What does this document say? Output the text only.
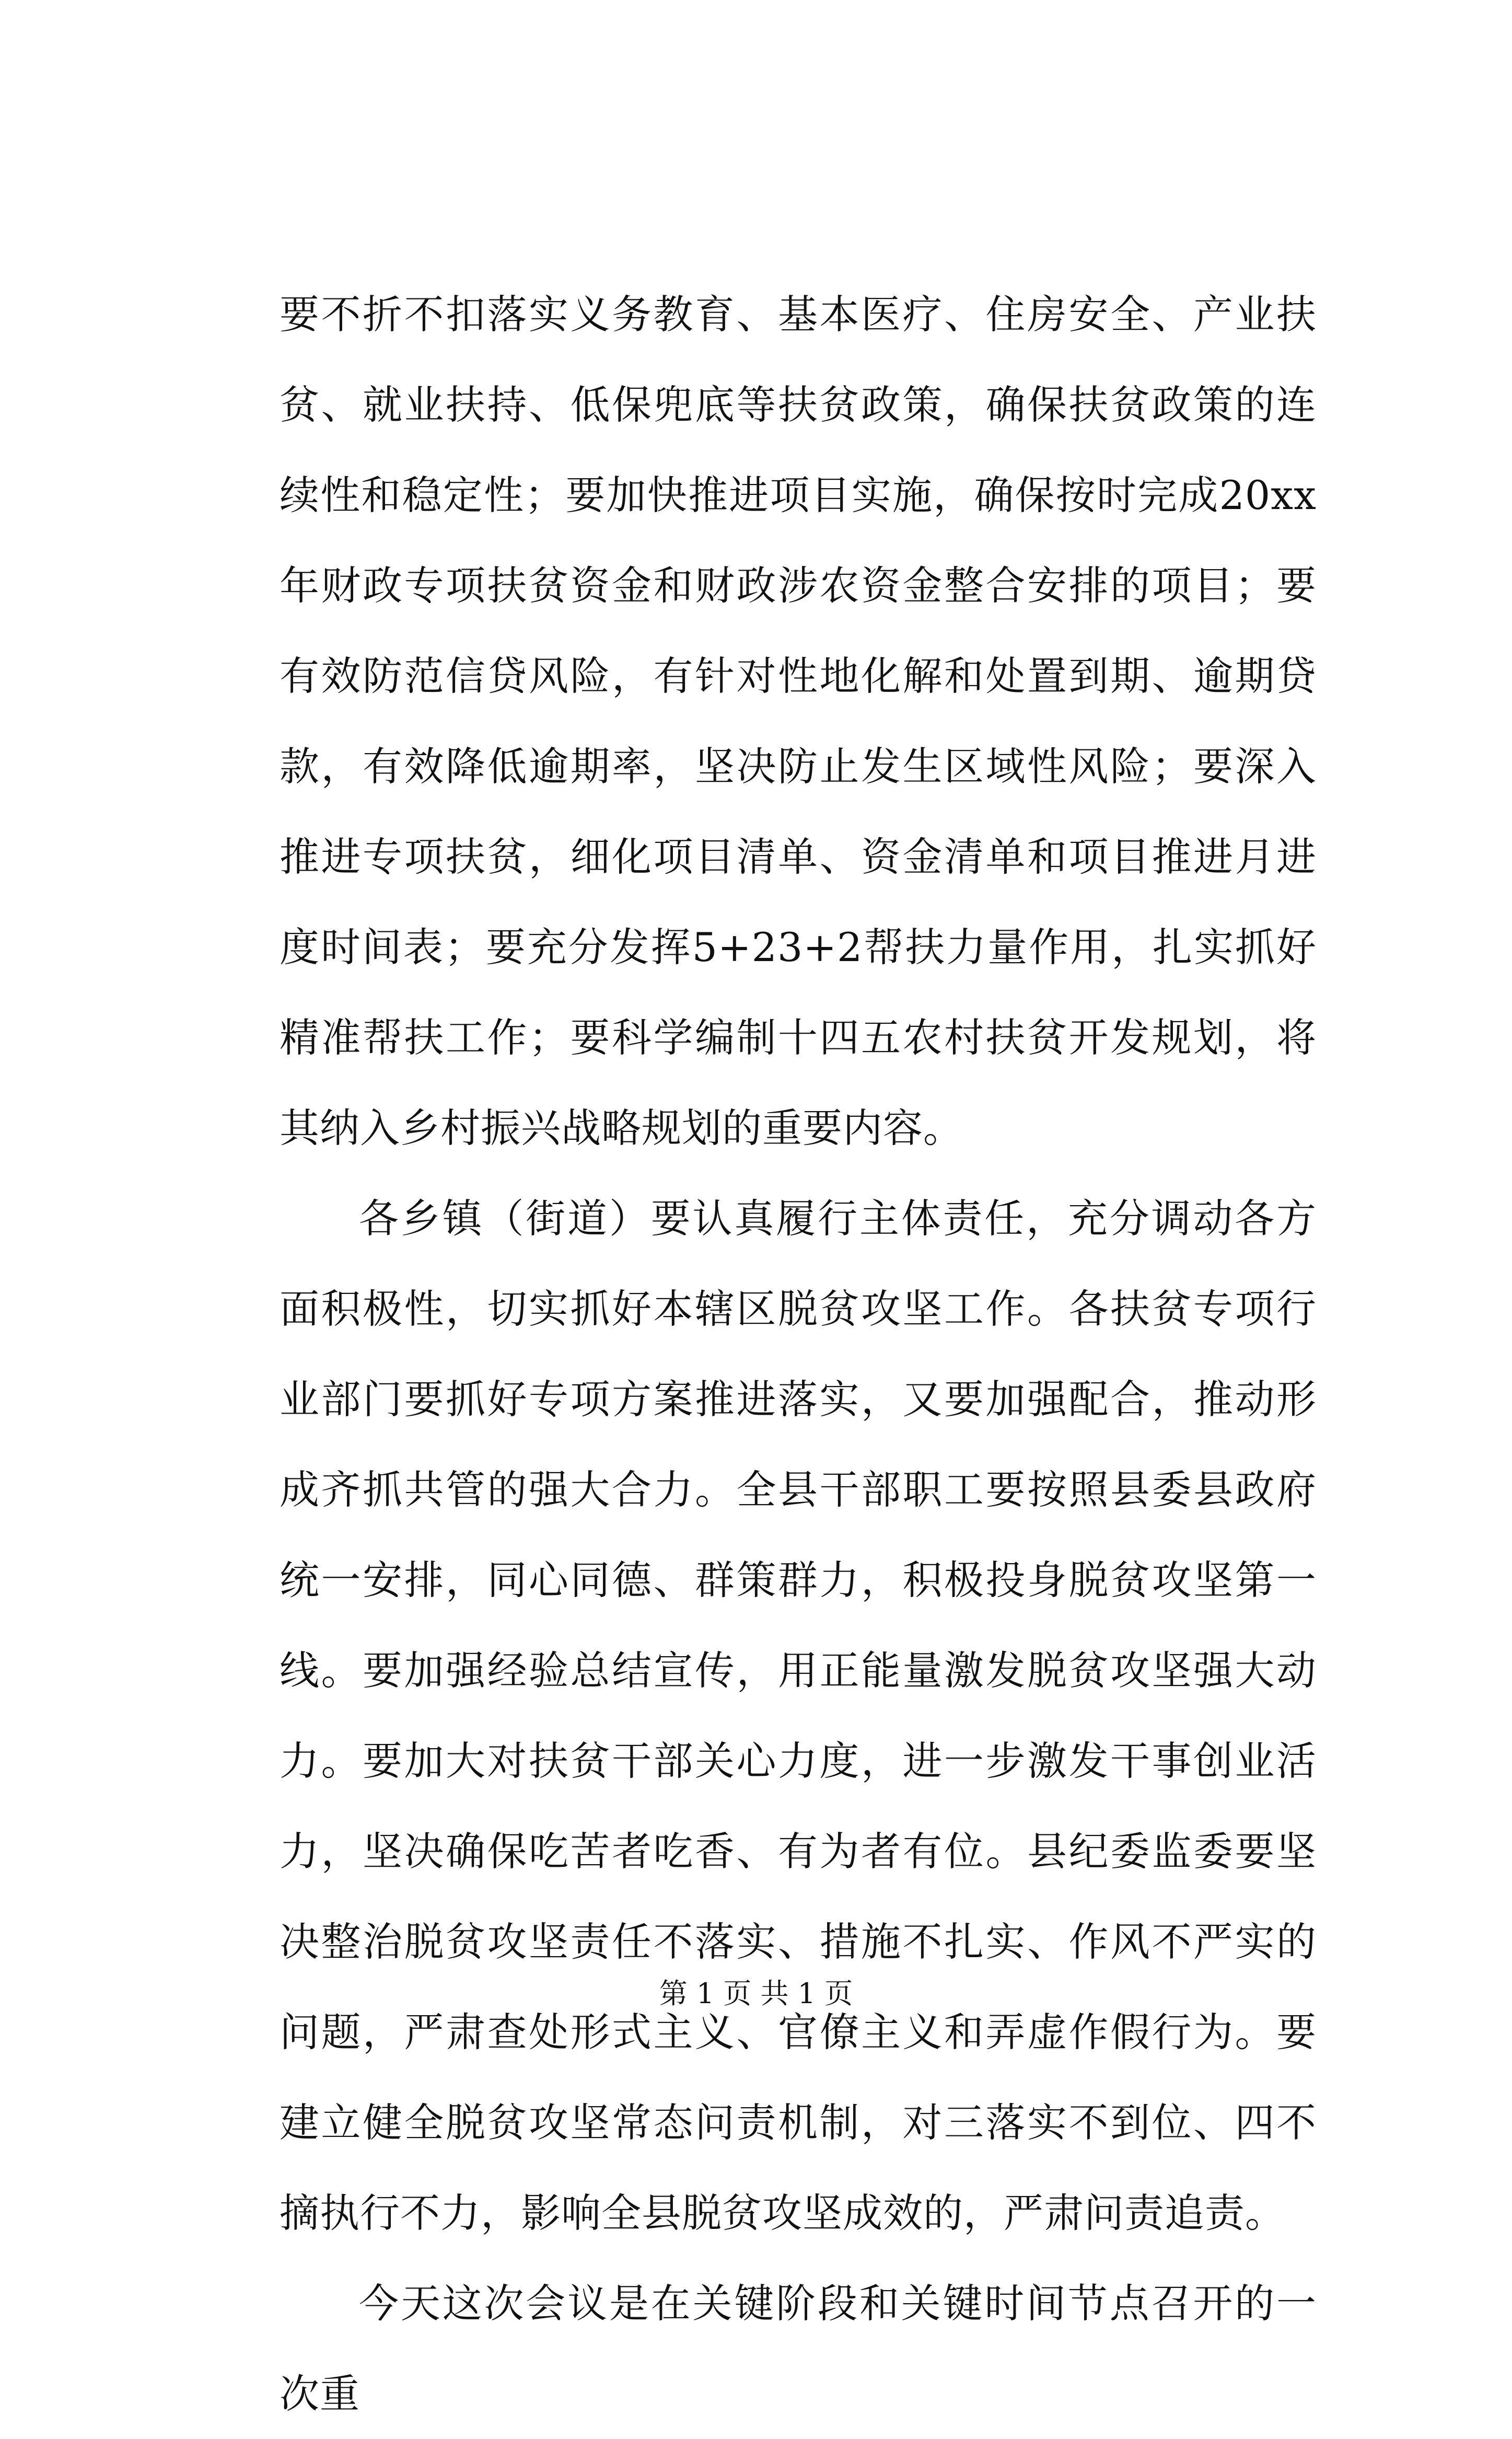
要不折不扣落实义务教育、基本医疗、住房安全、产业扶贫、就业扶持、低保兜底等扶贫政策，确保扶贫政策的连续性和稳定性；要加快推进项目实施，确保按时完成20xx年财政专项扶贫资金和财政涉农资金整合安排的项目；要有效防范信贷风险，有针对性地化解和处置到期、逾期贷款，有效降低逾期率，坚决防止发生区域性风险；要深入推进专项扶贫，细化项目清单、资金清单和项目推进月进度时间表；要充分发挥5+23+2帮扶力量作用，扎实抓好精准帮扶工作；要科学编制十四五农村扶贫开发规划，将其纳入乡村振兴战略规划的重要内容。

各乡镇（街道）要认真履行主体责任，充分调动各方面积极性，切实抓好本辖区脱贫攻坚工作。各扶贫专项行业部门要抓好专项方案推进落实，又要加强配合，推动形成齐抓共管的强大合力。全县干部职工要按照县委县政府统一安排，同心同德、群策群力，积极投身脱贫攻坚第一线。要加强经验总结宣传，用正能量激发脱贫攻坚强大动力。要加大对扶贫干部关心力度，进一步激发干事创业活力，坚决确保吃苦者吃香、有为者有位。县纪委监委要坚决整治脱贫攻坚责任不落实、措施不扎实、作风不严实的问题，严肃查处形式主义、官僚主义和弄虚作假行为。要建立健全脱贫攻坚常态问责机制，对三落实不到位、四不摘执行不力，影响全县脱贫攻坚成效的，严肃问责追责。

今天这次会议是在关键阶段和关键时间节点召开的一次重

第 1 页 共 1 页
